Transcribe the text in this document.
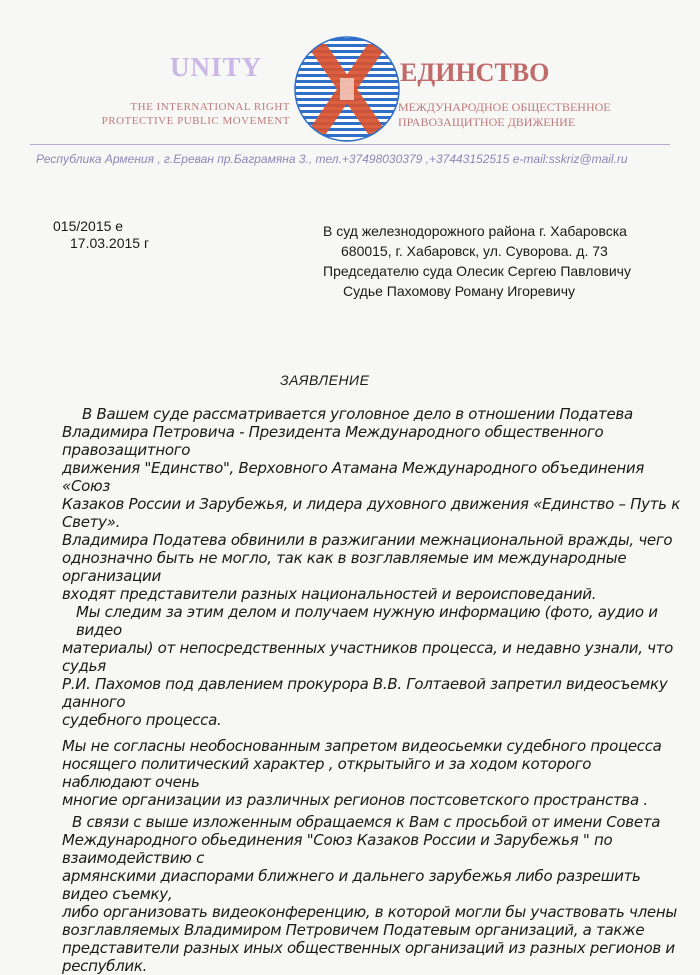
UNITY	ЕДИНСТВО
THE INTERNATIONAL RIGHT
PROTECTIVE PUBLIC MOVEMENT
МЕЖДУНАРОДНОЕ ОБЩЕСТВЕННОЕ
ПРАВОЗАЩИТНОЕ ДВИЖЕНИЕ
Республика Армения , г.Ереван пр.Баграмяна 3., тел.+37498030379 ,+37443152515 e-mail:sskriz@mail.ru
015/2015 е
17.03.2015 г
В суд железнодорожного района г. Хабаровска
680015, г. Хабаровск, ул. Суворова. д. 73
Председателю суда Олесик Сергею Павловичу
Судье Пахомову Роману Игоревичу
ЗАЯВЛЕНИЕ
В Вашем суде рассматривается уголовное дело в отношении Податева
Владимира Петровича - Президента Международного общественного правозащитного
движения "Единство", Верховного Атамана Международного объединения «Союз
Казаков России и Зарубежья, и лидера духовного движения «Единство – Путь к Свету».
Владимира Податева обвинили в разжигании межнациональной вражды, чего
однозначно быть не могло, так как в возглавляемые им международные организации
входят представители разных национальностей и вероисповеданий.
Мы следим за этим делом и получаем нужную информацию (фото, аудио и видео
материалы) от непосредственных участников процесса, и недавно узнали, что судья
Р.И. Пахомов под давлением прокурора В.В. Голтаевой запретил видеосъемку данного
судебного процесса.
Мы не согласны необоснованным запретом видеосьемки судебного процесса
носящего политический характер , открытыйго и за ходом которого наблюдают очень
многие организации из различных регионов постсоветского пространства .
В связи с выше изложенным обращаемся к Вам с просьбой от имени Совета
Международного обьединения "Союз Казаков России и Зарубежья " по взаимодействию с
армянскими диаспорами ближнего и дальнего зарубежья либо разрешить видео съемку,
либо организовать видеоконференцию, в которой могли бы участвовать члены
возглавляемых Владимиром Петровичем Податевым организаций, а также
представители разных иных общественных организаций из разных регионов и
республик.
